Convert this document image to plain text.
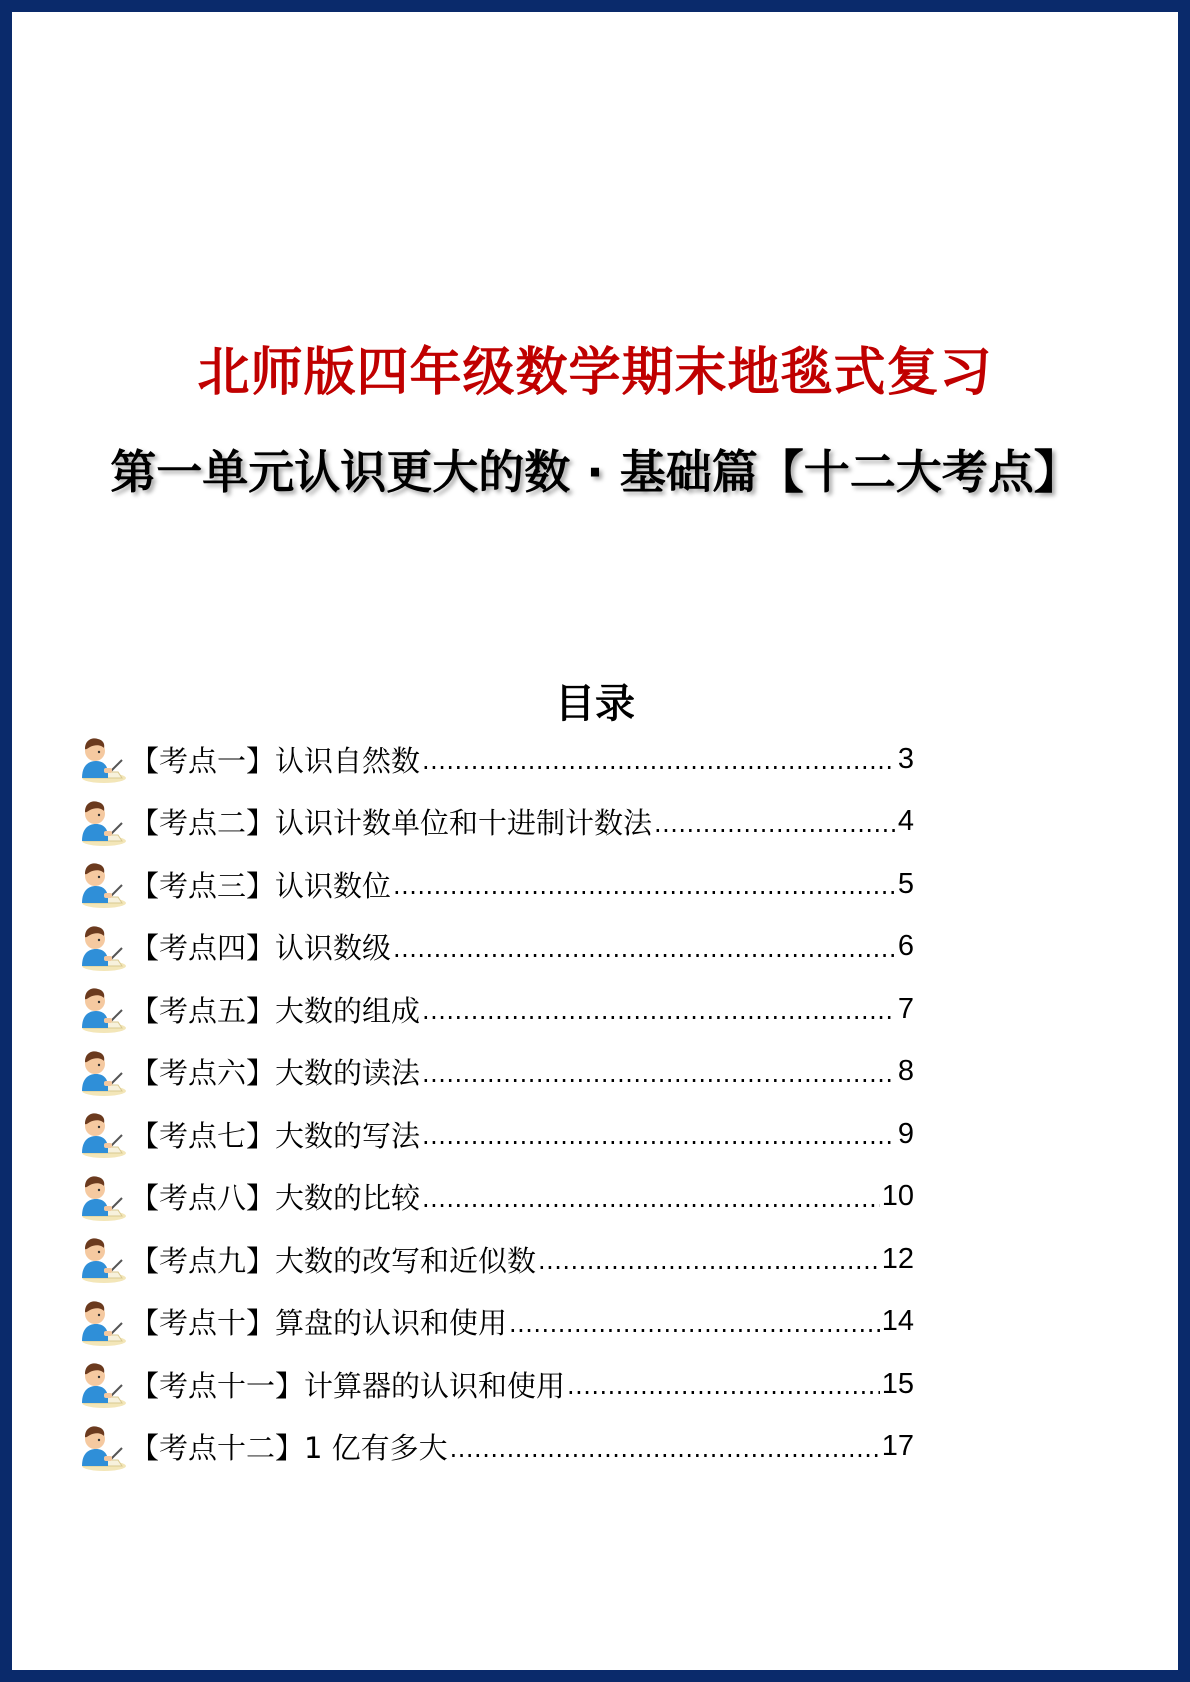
北师版四年级数学期末地毯式复习
第一单元认识更大的数 · 基础篇【十二大考点】
目录
【考点一】认识自然数 .....	3
【考点二】认识计数单位和十进制计数法 .....	4
【考点三】认识数位 .....	5
【考点四】认识数级 .....	6
【考点五】大数的组成 .....	7
【考点六】大数的读法 .....	8
【考点七】大数的写法 .....	9
【考点八】大数的比较 .....	10
【考点九】大数的改写和近似数 .....	12
【考点十】算盘的认识和使用 .....	14
【考点十一】计算器的认识和使用 .....	15
【考点十二】1 亿有多大 .....	17
